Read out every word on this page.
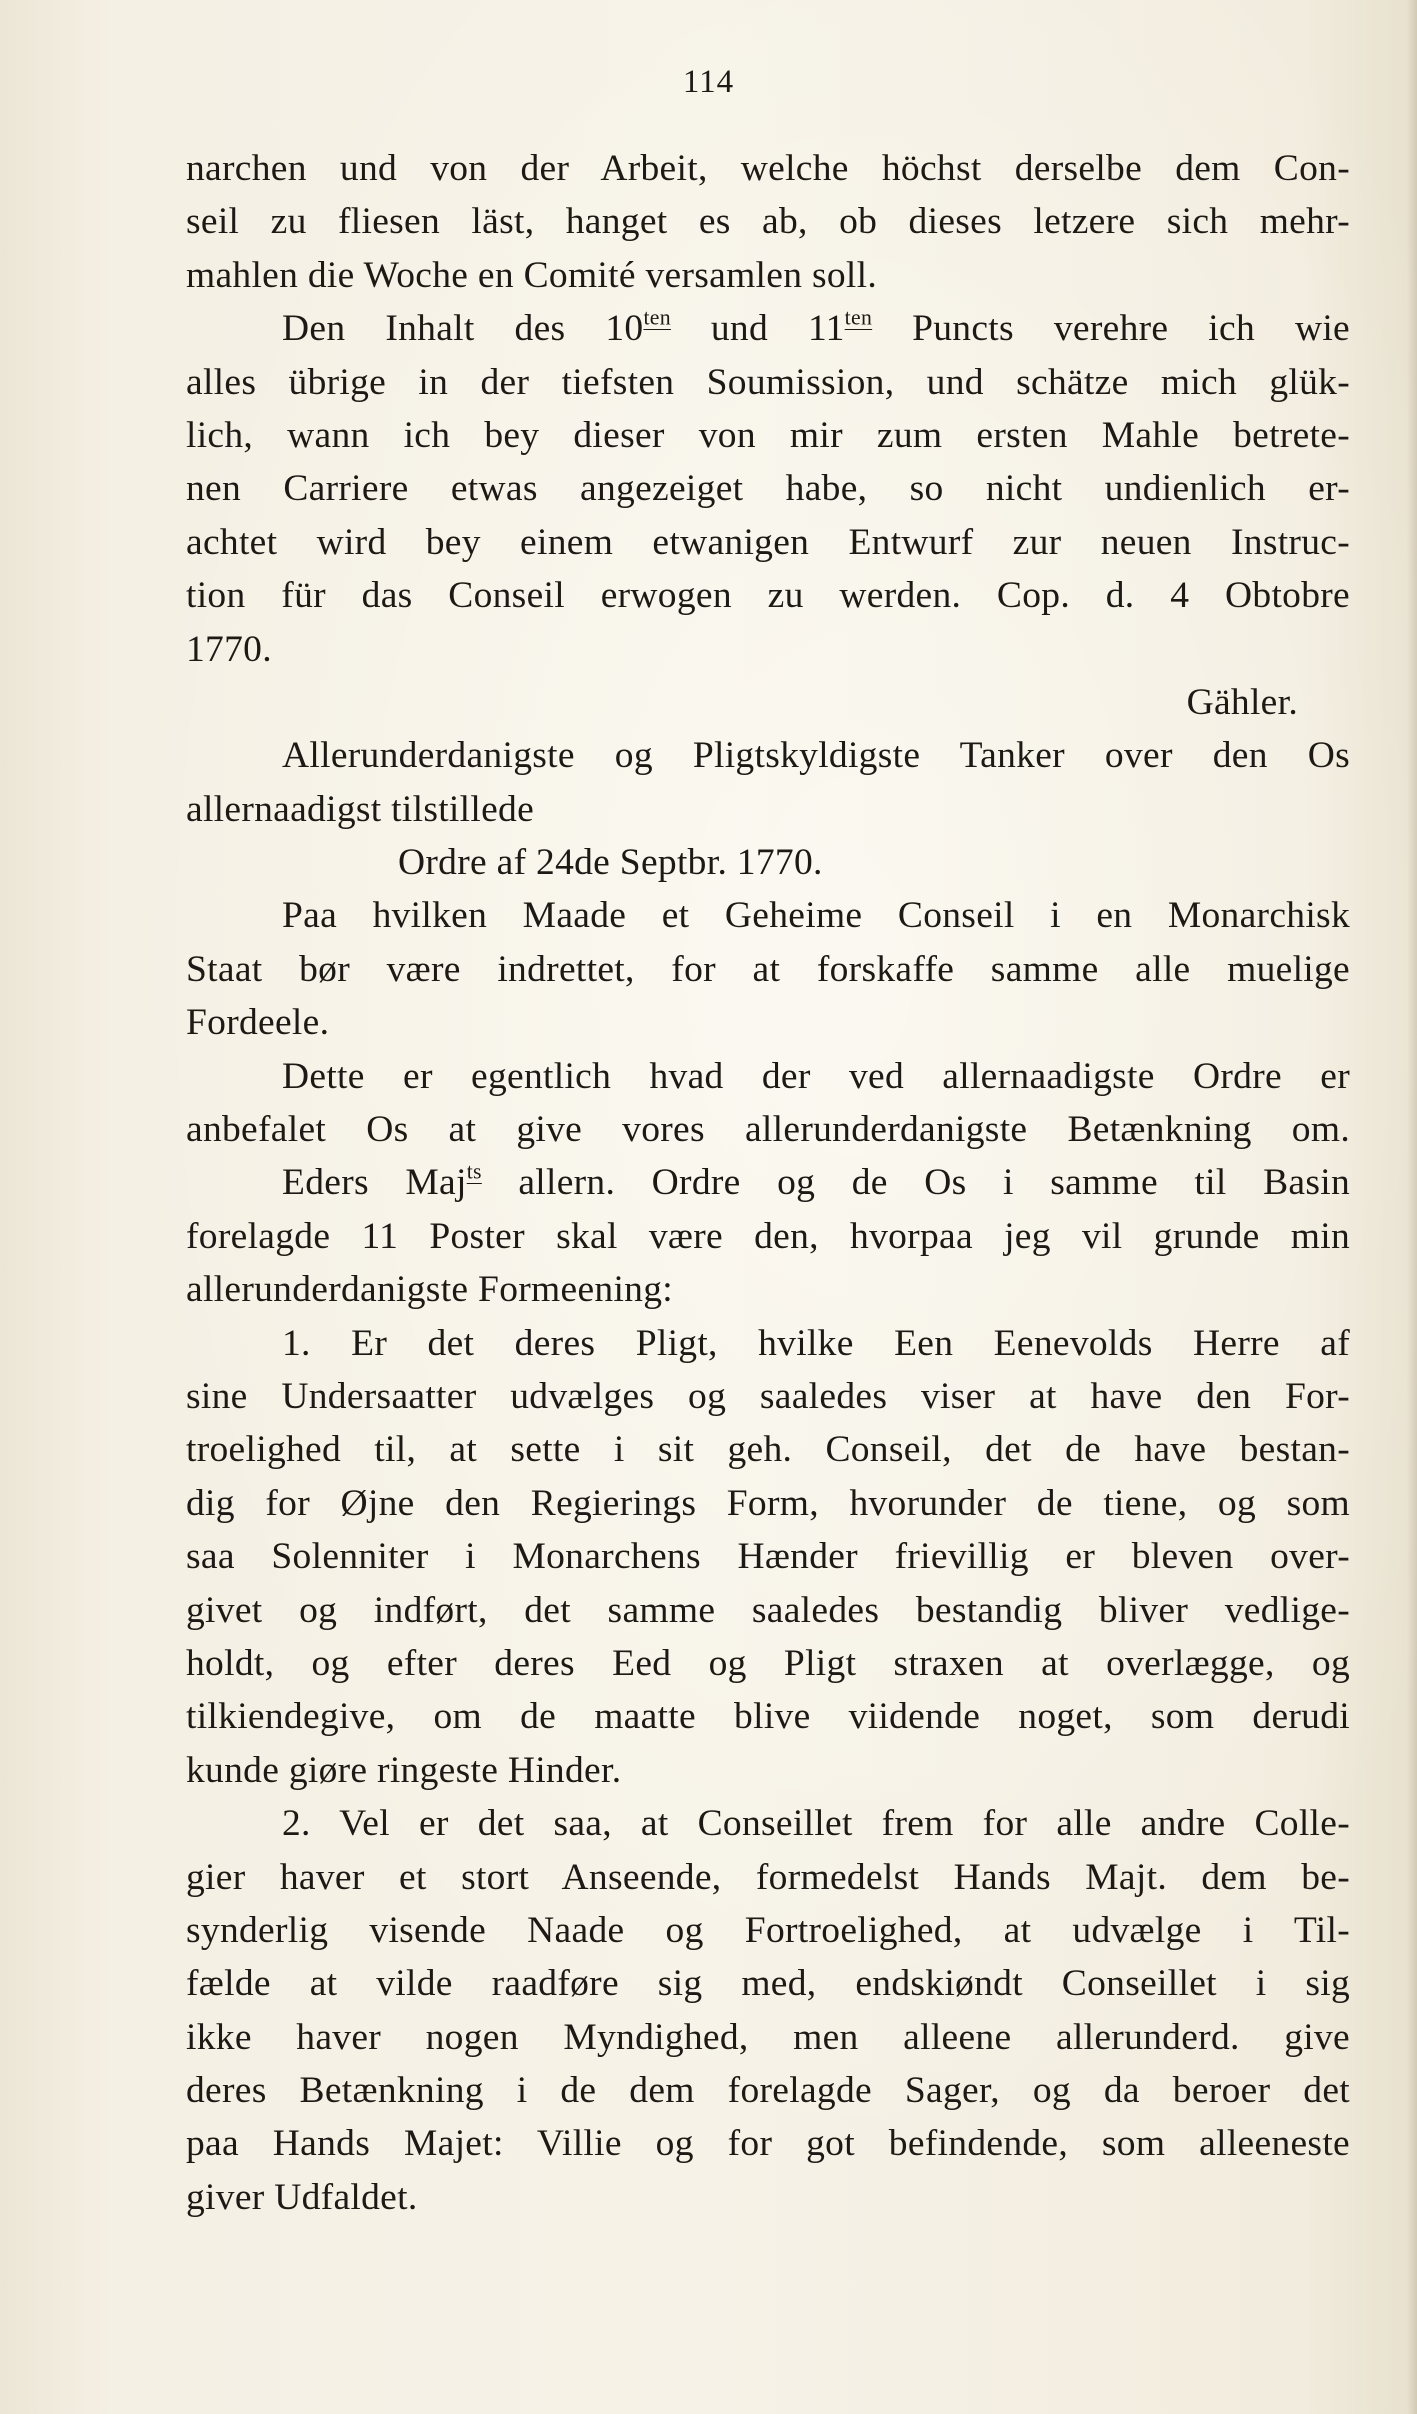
114
narchen und von der Arbeit, welche höchst derselbe dem Con-
seil zu fliesen läst, hanget es ab, ob dieses letzere sich mehr-
mahlen die Woche en Comité versamlen soll.
Den Inhalt des $10^{ten}$ und $11^{ten}$ Puncts verehre ich wie
alles übrige in der tiefsten Soumission, und schätze mich glük-
lich, wann ich bey dieser von mir zum ersten Mahle betrete-
nen Carriere etwas angezeiget habe, so nicht undienlich er-
achtet wird bey einem etwanigen Entwurf zur neuen Instruc-
tion für das Conseil erwogen zu werden. Cop. d. 4 Obtobre
1770.
Gähler.
Allerunderdanigste og Pligtskyldigste Tanker over den Os
allernaadigst tilstillede
Ordre af 24de Septbr. 1770.
Paa hvilken Maade et Geheime Conseil i en Monarchisk
Staat bør være indrettet, for at forskaffe samme alle muelige
Fordeele.
Dette er egentlich hvad der ved allernaadigste Ordre er
anbefalet Os at give vores allerunderdanigste Betænkning om.
Eders Maj$^{ts}$ allern. Ordre og de Os i samme til Basin
forelagde 11 Poster skal være den, hvorpaa jeg vil grunde min
allerunderdanigste Formeening:
1. Er det deres Pligt, hvilke Een Eenevolds Herre af
sine Undersaatter udvælges og saaledes viser at have den For-
troelighed til, at sette i sit geh. Conseil, det de have bestan-
dig for Øjne den Regierings Form, hvorunder de tiene, og som
saa Solenniter i Monarchens Hænder frievillig er bleven over-
givet og indført, det samme saaledes bestandig bliver vedlige-
holdt, og efter deres Eed og Pligt straxen at overlægge, og
tilkiendegive, om de maatte blive viidende noget, som derudi
kunde giøre ringeste Hinder.
2. Vel er det saa, at Conseillet frem for alle andre Colle-
gier haver et stort Anseende, formedelst Hands Majt. dem be-
synderlig visende Naade og Fortroelighed, at udvælge i Til-
fælde at vilde raadføre sig med, endskiøndt Conseillet i sig
ikke haver nogen Myndighed, men alleene allerunderd. give
deres Betænkning i de dem forelagde Sager, og da beroer det
paa Hands Majet: Villie og for got befindende, som alleeneste
giver Udfaldet.
